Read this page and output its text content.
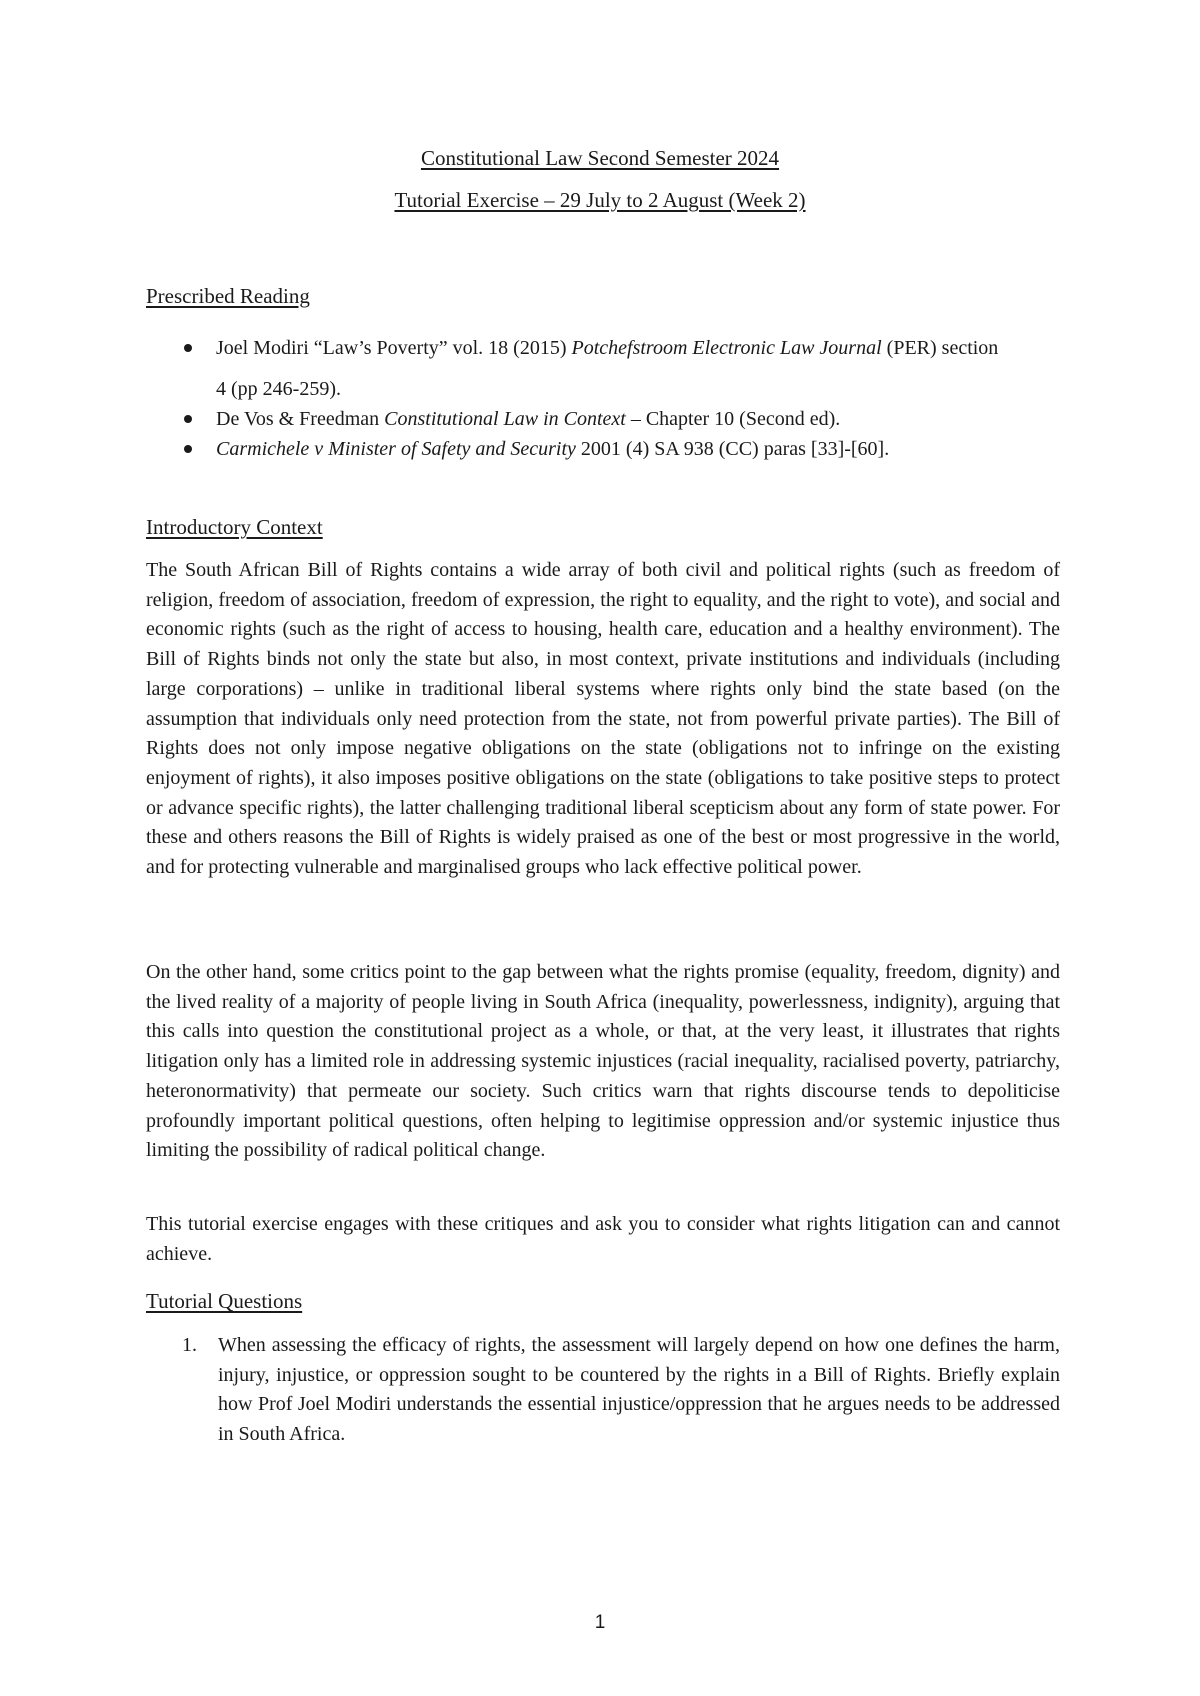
Constitutional Law Second Semester 2024
Tutorial Exercise – 29 July to 2 August (Week 2)
Prescribed Reading
Joel Modiri “Law’s Poverty” vol. 18 (2015) Potchefstroom Electronic Law Journal (PER) section
4 (pp 246-259).
De Vos & Freedman Constitutional Law in Context – Chapter 10 (Second ed).
Carmichele v Minister of Safety and Security 2001 (4) SA 938 (CC) paras [33]-[60].
Introductory Context

The South African Bill of Rights contains a wide array of both civil and political rights (such as freedom of religion, freedom of association, freedom of expression, the right to equality, and the right to vote), and social and economic rights (such as the right of access to housing, health care, education and a healthy environment). The Bill of Rights binds not only the state but also, in most context, private institutions and individuals (including large corporations) – unlike in traditional liberal systems where rights only bind the state based (on the assumption that individuals only need protection from the state, not from powerful private parties). The Bill of Rights does not only impose negative obligations on the state (obligations not to infringe on the existing enjoyment of rights), it also imposes positive obligations on the state (obligations to take positive steps to protect or advance specific rights), the latter challenging traditional liberal scepticism about any form of state power. For these and others reasons the Bill of Rights is widely praised as one of the best or most progressive in the world, and for protecting vulnerable and marginalised groups who lack effective political power.

On the other hand, some critics point to the gap between what the rights promise (equality, freedom, dignity) and the lived reality of a majority of people living in South Africa (inequality, powerlessness, indignity), arguing that this calls into question the constitutional project as a whole, or that, at the very least, it illustrates that rights litigation only has a limited role in addressing systemic injustices (racial inequality, racialised poverty, patriarchy, heteronormativity) that permeate our society. Such critics warn that rights discourse tends to depoliticise profoundly important political questions, often helping to legitimise oppression and/or systemic injustice thus limiting the possibility of radical political change.

This tutorial exercise engages with these critiques and ask you to consider what rights litigation can and cannot achieve.

Tutorial Questions
1. When assessing the efficacy of rights, the assessment will largely depend on how one defines the harm, injury, injustice, or oppression sought to be countered by the rights in a Bill of Rights. Briefly explain how Prof Joel Modiri understands the essential injustice/oppression that he argues needs to be addressed in South Africa.
1
